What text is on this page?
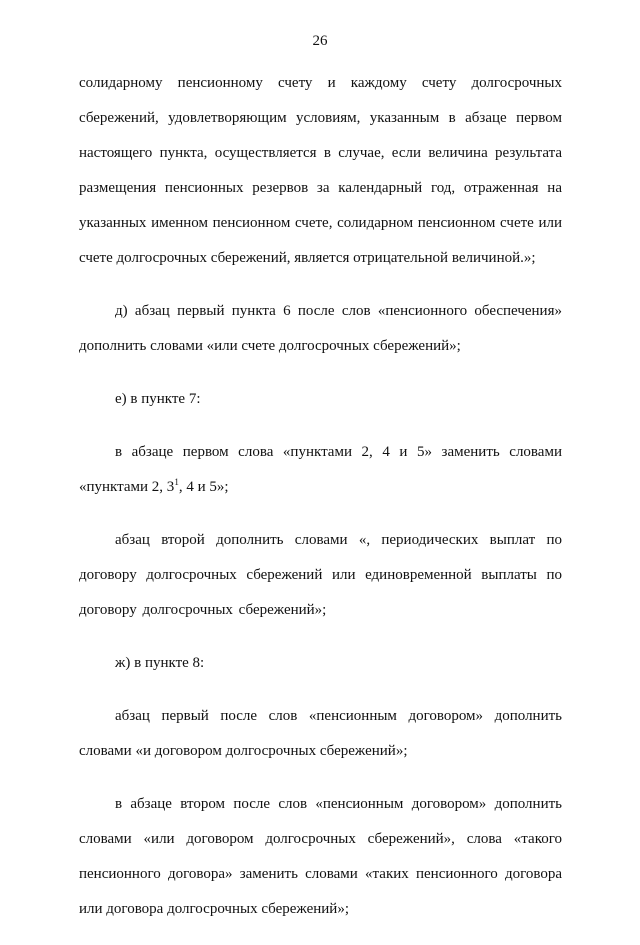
26

солидарному пенсионному счету и каждому счету долгосрочных сбережений, удовлетворяющим условиям, указанным в абзаце первом настоящего пункта, осуществляется в случае, если величина результата размещения пенсионных резервов за календарный год, отраженная на указанных именном пенсионном счете, солидарном пенсионном счете или счете долгосрочных сбережений, является отрицательной величиной.»;

д) абзац первый пункта 6 после слов «пенсионного обеспечения» дополнить словами «или счете долгосрочных сбережений»;

е) в пункте 7:

в абзаце первом слова «пунктами 2, 4 и 5» заменить словами «пунктами 2, $3^1$, 4 и 5»;

абзац второй дополнить словами «, периодических выплат по договору долгосрочных сбережений или единовременной выплаты по договору долгосрочных сбережений»;

ж) в пункте 8:

абзац первый после слов «пенсионным договором» дополнить словами «и договором долгосрочных сбережений»;

в абзаце втором после слов «пенсионным договором» дополнить словами «или договором долгосрочных сбережений», слова «такого пенсионного договора» заменить словами «таких пенсионного договора или договора долгосрочных сбережений»;
